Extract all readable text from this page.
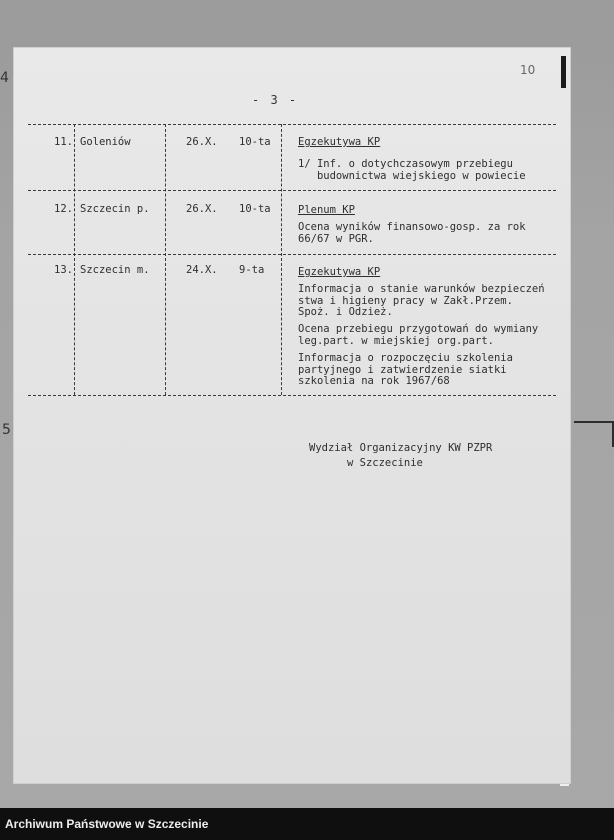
4
5
10
- 3 -
11. Goleniów	26.X. 10-ta	Egzekutywa KP
1/ Inf. o dotychczasowym przebiegu
budownictwa wiejskiego w powiecie
12. Szczecin p.	26.X. 10-ta	Plenum KP
Ocena wyników finansowo-gosp. za rok
66/67 w PGR.
13. Szczecin m.	24.X. 9-ta	Egzekutywa KP
Informacja o stanie warunków bezpieczeń
stwa i higieny pracy w Zakł.Przem.
Spoż. i Odzież.
Ocena przebiegu przygotowań do wymiany
leg.part. w miejskiej org.part.
Informacja o rozpoczęciu szkolenia
partyjnego i zatwierdzenie siatki
szkolenia na rok 1967/68
Wydział Organizacyjny KW PZPR
w Szczecinie
Archiwum Państwowe w Szczecinie
